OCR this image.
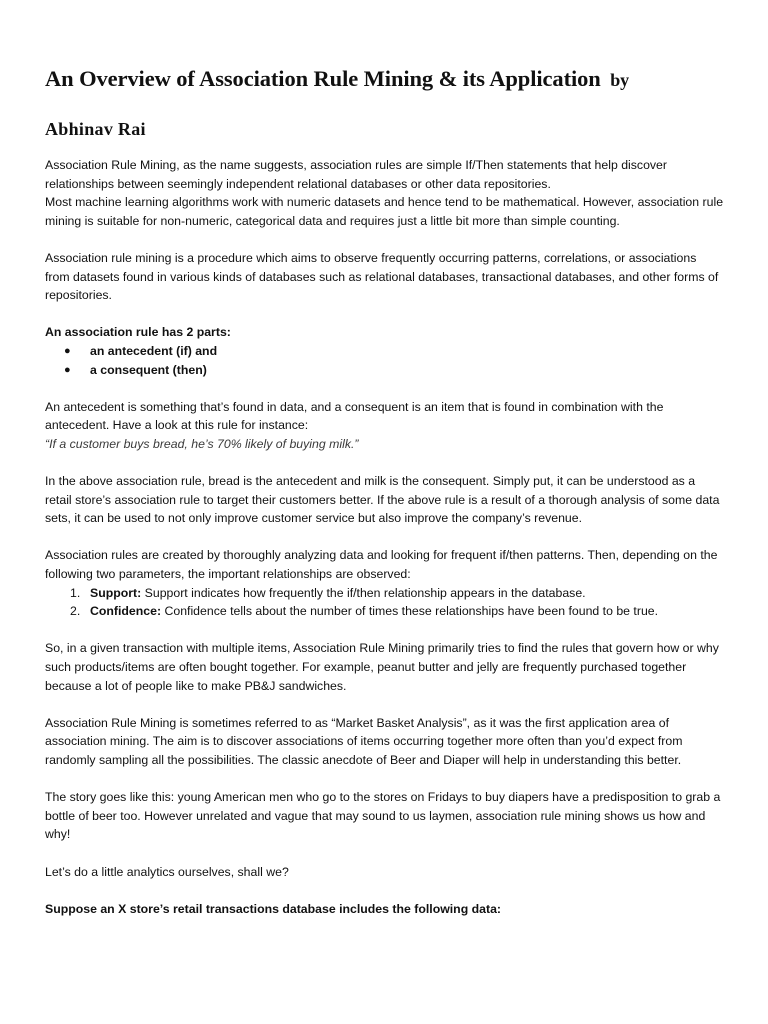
An Overview of Association Rule Mining & its Application by
Abhinav Rai

Association Rule Mining, as the name suggests, association rules are simple If/Then statements that help discover relationships between seemingly independent relational databases or other data repositories.

Most machine learning algorithms work with numeric datasets and hence tend to be mathematical. However, association rule mining is suitable for non-numeric, categorical data and requires just a little bit more than simple counting.

Association rule mining is a procedure which aims to observe frequently occurring patterns, correlations, or associations from datasets found in various kinds of databases such as relational databases, transactional databases, and other forms of repositories.

An association rule has 2 parts:

● an antecedent (if) and
● a consequent (then)

An antecedent is something that’s found in data, and a consequent is an item that is found in combination with the antecedent. Have a look at this rule for instance:

“If a customer buys bread, he’s 70% likely of buying milk.”

In the above association rule, bread is the antecedent and milk is the consequent. Simply put, it can be understood as a retail store’s association rule to target their customers better. If the above rule is a result of a thorough analysis of some data sets, it can be used to not only improve customer service but also improve the company’s revenue.

Association rules are created by thoroughly analyzing data and looking for frequent if/then patterns. Then, depending on the following two parameters, the important relationships are observed:

1. Support: Support indicates how frequently the if/then relationship appears in the database.
2. Confidence: Confidence tells about the number of times these relationships have been found to be true.

So, in a given transaction with multiple items, Association Rule Mining primarily tries to find the rules that govern how or why such products/items are often bought together. For example, peanut butter and jelly are frequently purchased together because a lot of people like to make PB&J sandwiches.

Association Rule Mining is sometimes referred to as “Market Basket Analysis”, as it was the first application area of association mining. The aim is to discover associations of items occurring together more often than you’d expect from randomly sampling all the possibilities. The classic anecdote of Beer and Diaper will help in understanding this better.

The story goes like this: young American men who go to the stores on Fridays to buy diapers have a predisposition to grab a bottle of beer too. However unrelated and vague that may sound to us laymen, association rule mining shows us how and why!

Let’s do a little analytics ourselves, shall we?

Suppose an X store’s retail transactions database includes the following data:
